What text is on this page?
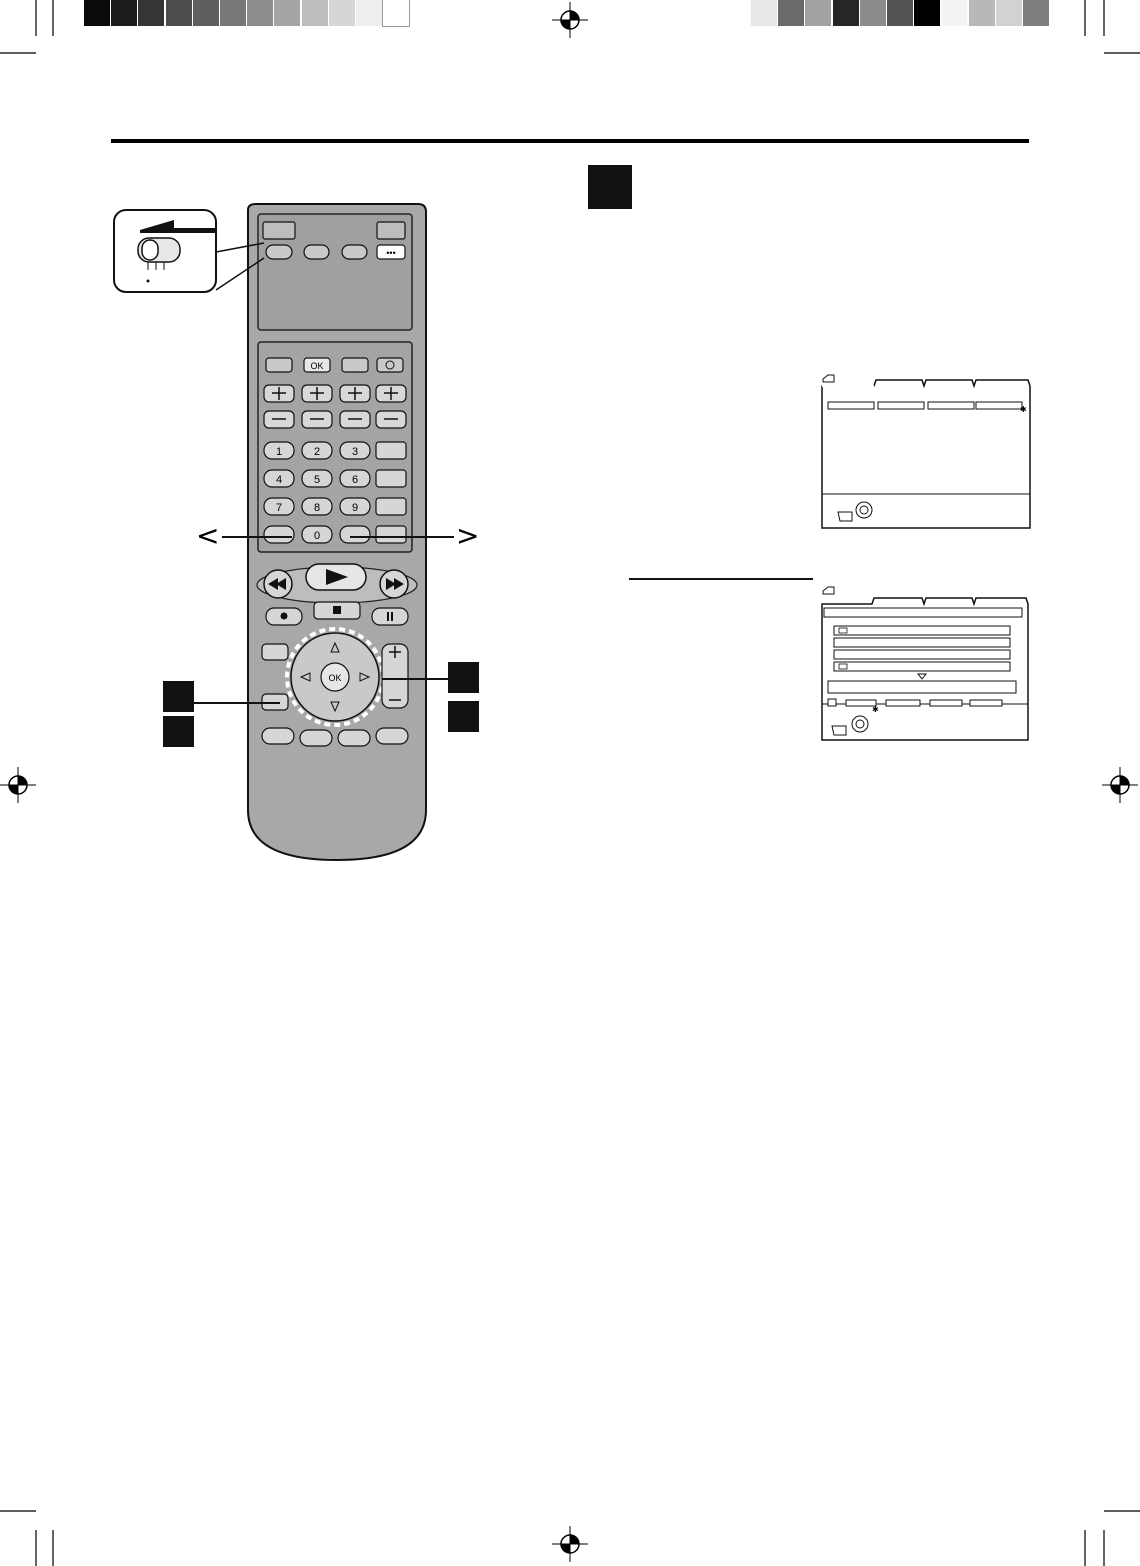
•••
OK
1	2	3
4	5	6
7	8	9
0
OK
<	>
✱
✱
